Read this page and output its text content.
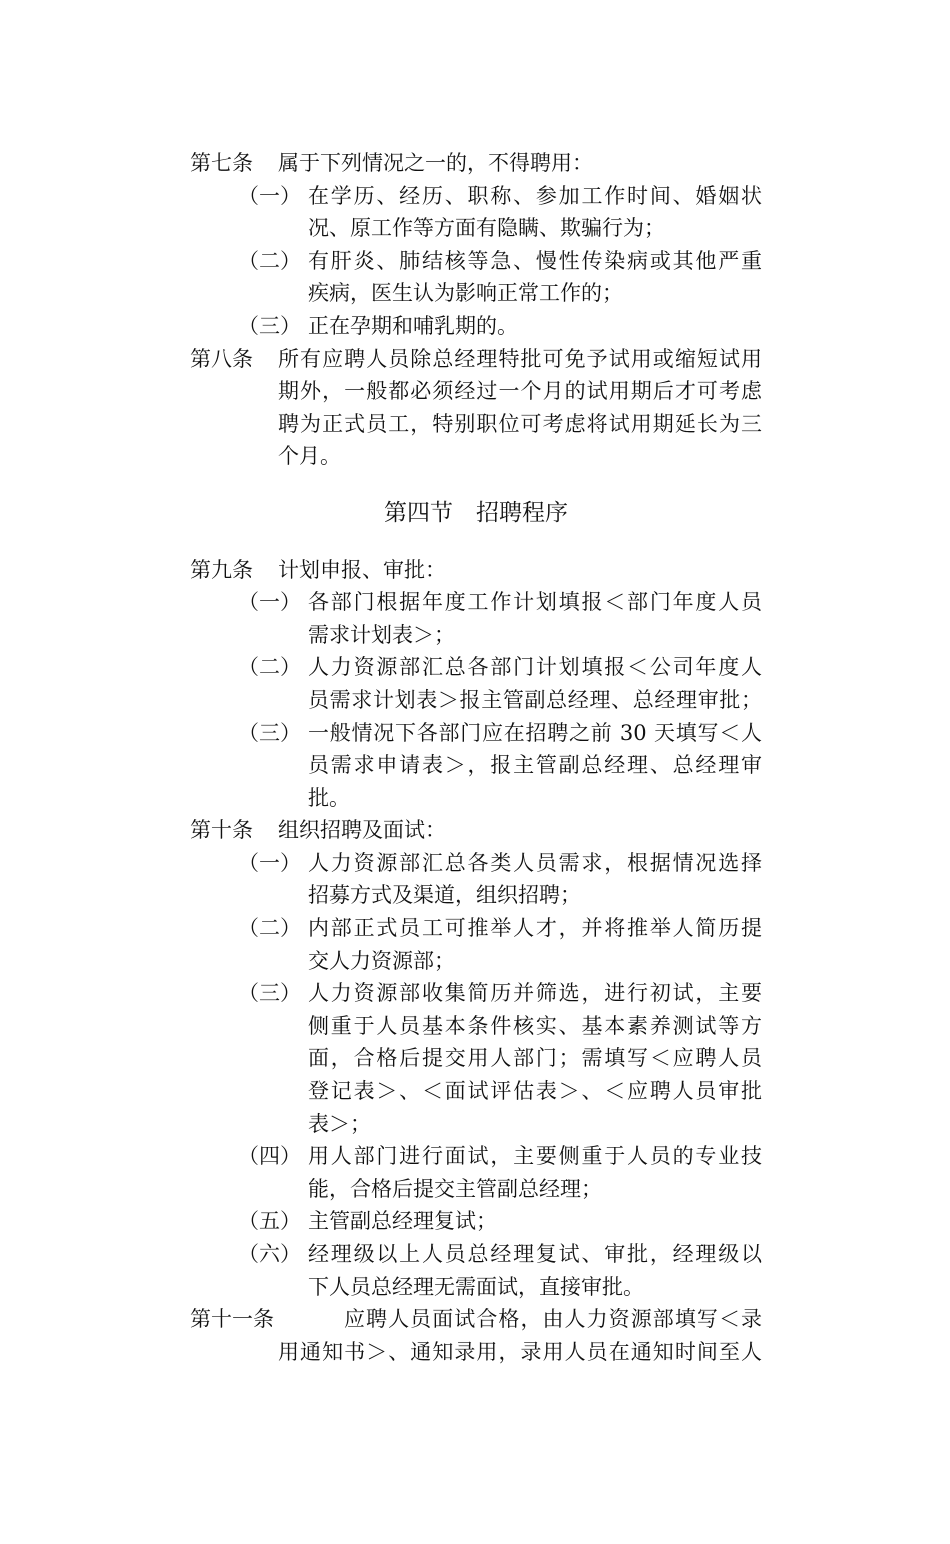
第七条 属于下列情况之一的，不得聘用：
（一） 在学历、经历、职称、参加工作时间、婚姻状
况、原工作等方面有隐瞒、欺骗行为；
（二） 有肝炎、肺结核等急、慢性传染病或其他严重
疾病，医生认为影响正常工作的；
（三） 正在孕期和哺乳期的。
第八条 所有应聘人员除总经理特批可免予试用或缩短试用
期外，一般都必须经过一个月的试用期后才可考虑
聘为正式员工，特别职位可考虑将试用期延长为三
个月。
第四节　招聘程序
第九条 计划申报、审批：
（一） 各部门根据年度工作计划填报＜部门年度人员
需求计划表＞；
（二） 人力资源部汇总各部门计划填报＜公司年度人
员需求计划表＞报主管副总经理、总经理审批；
（三） 一般情况下各部门应在招聘之前 30 天填写＜人
员需求申请表＞，报主管副总经理、总经理审
批。
第十条 组织招聘及面试：
（一） 人力资源部汇总各类人员需求，根据情况选择
招募方式及渠道，组织招聘；
（二） 内部正式员工可推举人才，并将推举人简历提
交人力资源部；
（三） 人力资源部收集简历并筛选，进行初试，主要
侧重于人员基本条件核实、基本素养测试等方
面，合格后提交用人部门；需填写＜应聘人员
登记表＞、＜面试评估表＞、＜应聘人员审批
表＞；
（四） 用人部门进行面试，主要侧重于人员的专业技
能，合格后提交主管副总经理；
（五） 主管副总经理复试；
（六） 经理级以上人员总经理复试、审批，经理级以
下人员总经理无需面试，直接审批。
第十一条	应聘人员面试合格，由人力资源部填写＜录
用通知书＞、通知录用，录用人员在通知时间至人
